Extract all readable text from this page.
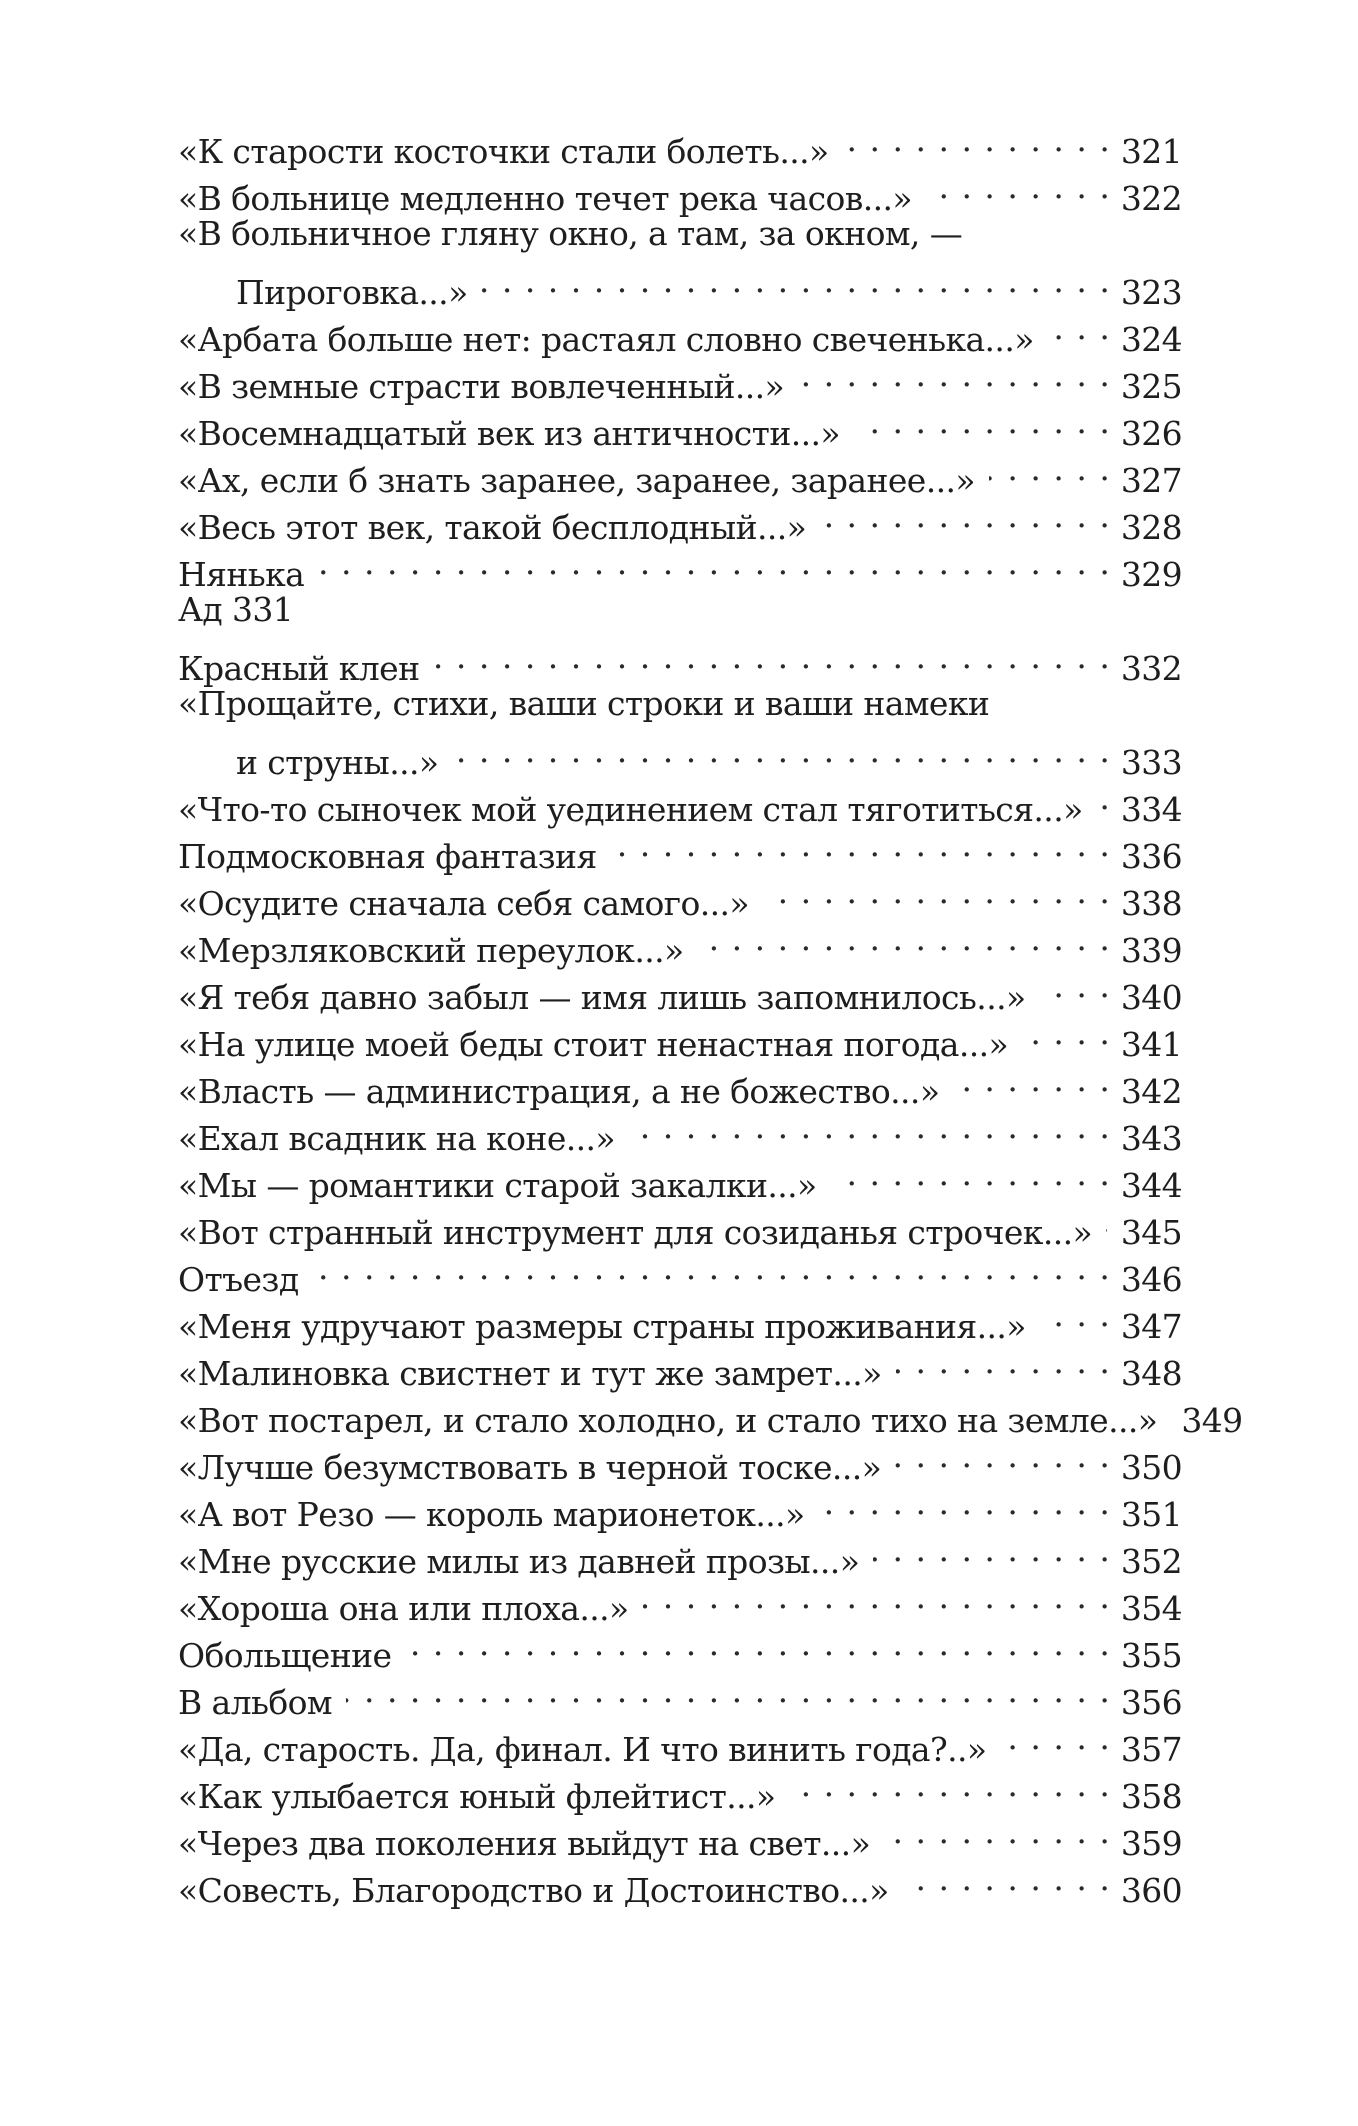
«К старости косточки стали болеть...» . . .	321
«В больнице медленно течет река часов...» . . .	322
«В больничное гляну окно, а там, за окном, —
Пироговка...» . . .	323
«Арбата больше нет: растаял словно свеченька...» . . .	324
«В земные страсти вовлеченный...» . . .	325
«Восемнадцатый век из античности...» . . .	326
«Ах, если б знать заранее, заранее, заранее...» . . .	327
«Весь этот век, такой бесплодный...» . . .	328
Нянька . . .	329
Ад 331
Красный клен . . .	332
«Прощайте, стихи, ваши строки и ваши намеки
и струны...» . . .	333
«Что-то сыночек мой уединением стал тяготиться...» . . . 334
Подмосковная фантазия . . .	336
«Осудите сначала себя самого...» . . .	338
«Мерзляковский переулок...» . . .	339
«Я тебя давно забыл — имя лишь запомнилось...» . . .	340
«На улице моей беды стоит ненастная погода...» . . .	341
«Власть — администрация, а не божество...» . . .	342
«Ехал всадник на коне...» . . .	343
«Мы — романтики старой закалки...» . . .	344
«Вот странный инструмент для созиданья строчек...» . . . 345
Отъезд . . .	346
«Меня удручают размеры страны проживания...» . . .	347
«Малиновка свистнет и тут же замрет...» . . .	348
«Вот постарел, и стало холодно, и стало тихо на земле...» 349
«Лучше безумствовать в черной тоске...» . . .	350
«А вот Резо — король марионеток...» . . .	351
«Мне русские милы из давней прозы...» . . .	352
«Хороша она или плоха...» . . .	354
Обольщение . . .	355
В альбом . . .	356
«Да, старость. Да, финал. И что винить года?..» . . .	357
«Как улыбается юный флейтист...» . . .	358
«Через два поколения выйдут на свет...» . . .	359
«Совесть, Благородство и Достоинство...» . . .	360
